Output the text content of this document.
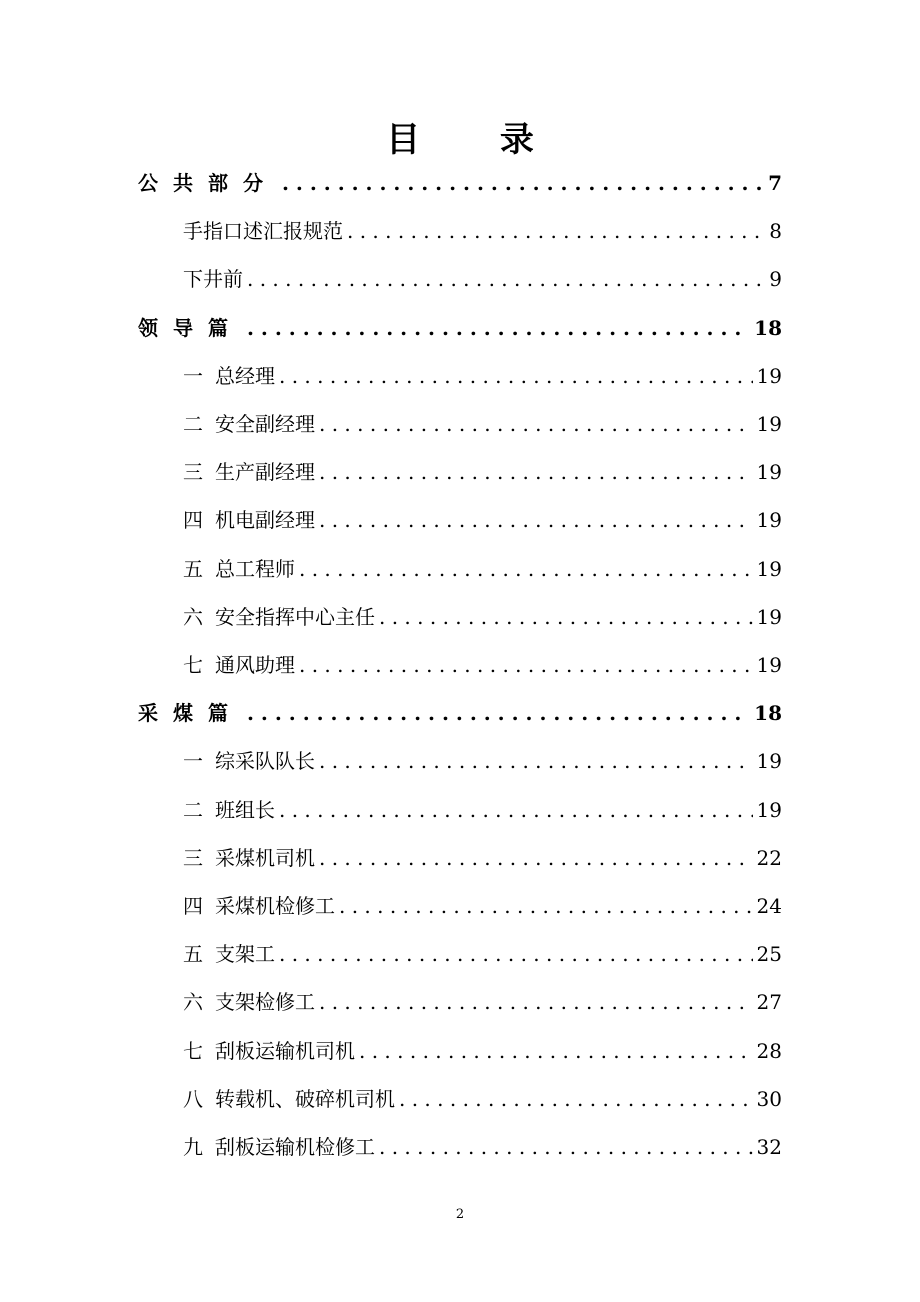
目 录
公共部分 . . .	7
手指口述汇报规范 . . .	8
下井前 . . .	9
领导篇 . . .	18
一 总经理 . . .	19
二 安全副经理 . . .	19
三 生产副经理 . . .	19
四 机电副经理 . . .	19
五 总工程师 . . .	19
六 安全指挥中心主任 . . .	19
七 通风助理 . . .	19
采煤篇 . . .	18
一 综采队队长 . . .	19
二 班组长 . . .	19
三 采煤机司机 . . .	22
四 采煤机检修工 . . .	24
五 支架工 . . .	25
六 支架检修工 . . .	27
七 刮板运输机司机 . . .	28
八 转载机、破碎机司机 . . .	30
九 刮板运输机检修工 . . .	32
2
